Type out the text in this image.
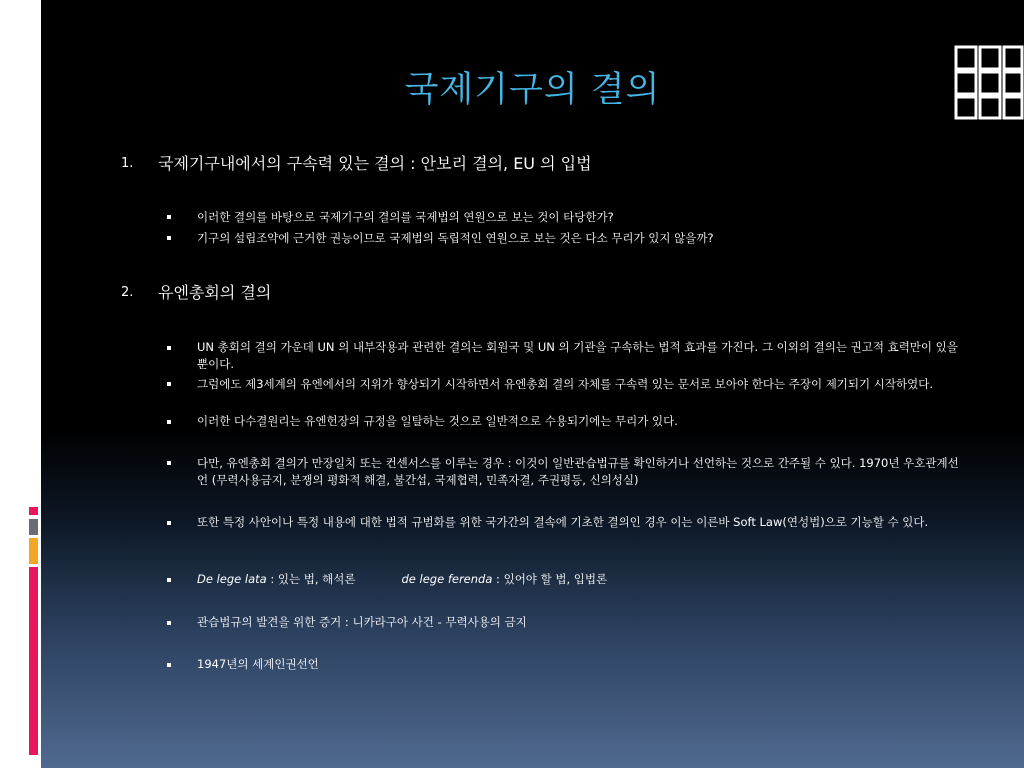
국제기구의 결의
1. 국제기구내에서의 구속력 있는 결의 : 안보리 결의, EU 의 입법
이러한 결의를 바탕으로 국제기구의 결의를 국제법의 연원으로 보는 것이 타당한가?
기구의 설립조약에 근거한 권능이므로 국제법의 독립적인 연원으로 보는 것은 다소 무리가 있지 않을까?
2. 유엔총회의 결의
UN 총회의 결의 가운데 UN 의 내부작용과 관련한 결의는 회원국 및 UN 의 기관을 구속하는 법적 효과를 가진다. 그 이외의 결의는 권고적 효력만이 있을 뿐이다.
그럼에도 제3세계의 유엔에서의 지위가 향상되기 시작하면서 유엔총회 결의 자체를 구속력 있는 문서로 보아야 한다는 주장이 제기되기 시작하였다.
이러한 다수결원리는 유엔헌장의 규정을 일탈하는 것으로 일반적으로 수용되기에는 무리가 있다.
다만, 유엔총회 결의가 만장일치 또는 컨센서스를 이루는 경우 : 이것이 일반관습법규를 확인하거나 선언하는 것으로 간주될 수 있다. 1970년 우호관계선언 (무력사용금지, 분쟁의 평화적 해결, 불간섭, 국제협력, 민족자결, 주권평등, 신의성실)
또한 특정 사안이나 특정 내용에 대한 법적 규범화를 위한 국가간의 결속에 기초한 결의인 경우 이는 이른바 Soft Law(연성법)으로 기능할 수 있다.
De lege lata : 있는 법, 해석론	de lege ferenda : 있어야 할 법, 입법론
관습법규의 발견을 위한 증거 : 니카라구아 사건 - 무력사용의 금지
1947년의 세계인권선언
